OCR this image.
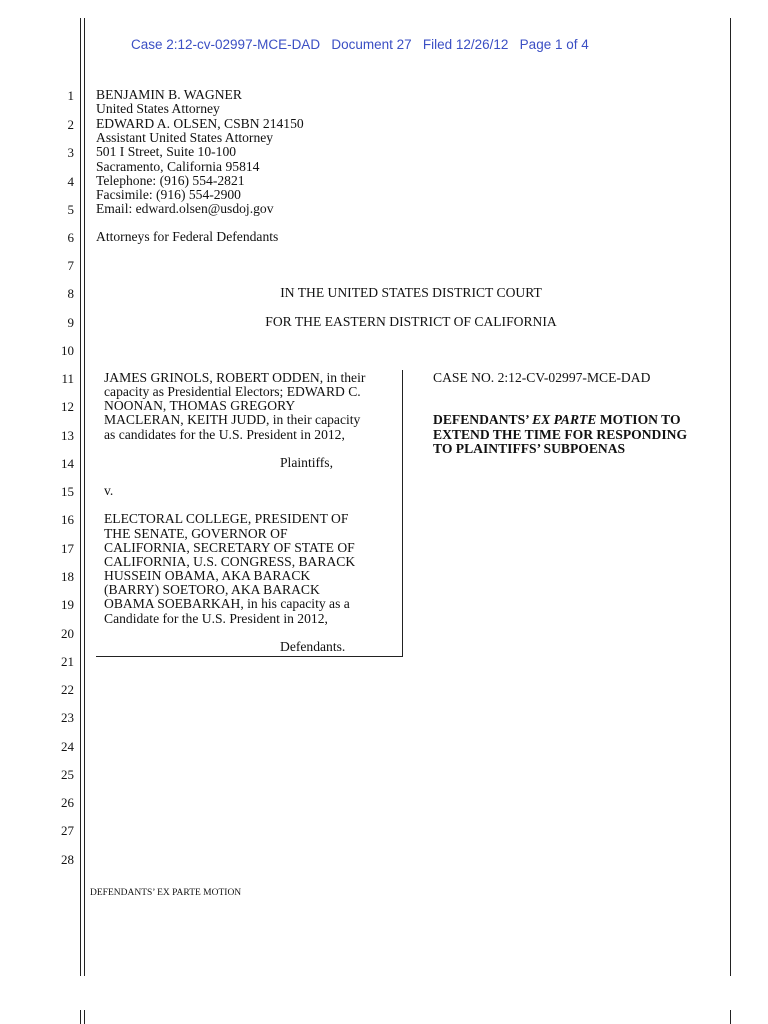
Case 2:12-cv-02997-MCE-DAD   Document 27   Filed 12/26/12   Page 1 of 4
1
2
3
4
5
6
7
8
9
10
11
12
13
14
15
16
17
18
19
20
21
22
23
24
25
26
27
28
BENJAMIN B. WAGNER
United States Attorney
EDWARD A. OLSEN, CSBN 214150
Assistant United States Attorney
501 I Street, Suite 10-100
Sacramento, California 95814
Telephone: (916) 554-2821
Facsimile: (916) 554-2900
Email: edward.olsen@usdoj.gov
Attorneys for Federal Defendants
IN THE UNITED STATES DISTRICT COURT
FOR THE EASTERN DISTRICT OF CALIFORNIA
JAMES GRINOLS, ROBERT ODDEN, in their
capacity as Presidential Electors; EDWARD C.
NOONAN, THOMAS GREGORY
MACLERAN, KEITH JUDD, in their capacity
as candidates for the U.S. President in 2012,
Plaintiffs,
v.
ELECTORAL COLLEGE, PRESIDENT OF
THE SENATE, GOVERNOR OF
CALIFORNIA, SECRETARY OF STATE OF
CALIFORNIA, U.S. CONGRESS, BARACK
HUSSEIN OBAMA, AKA BARACK
(BARRY) SOETORO, AKA BARACK
OBAMA SOEBARKAH, in his capacity as a
Candidate for the U.S. President in 2012,
Defendants.
CASE NO. 2:12-CV-02997-MCE-DAD
DEFENDANTS’ EX PARTE MOTION TO
EXTEND THE TIME FOR RESPONDING
TO PLAINTIFFS’ SUBPOENAS
DEFENDANTS’ EX PARTE MOTION
